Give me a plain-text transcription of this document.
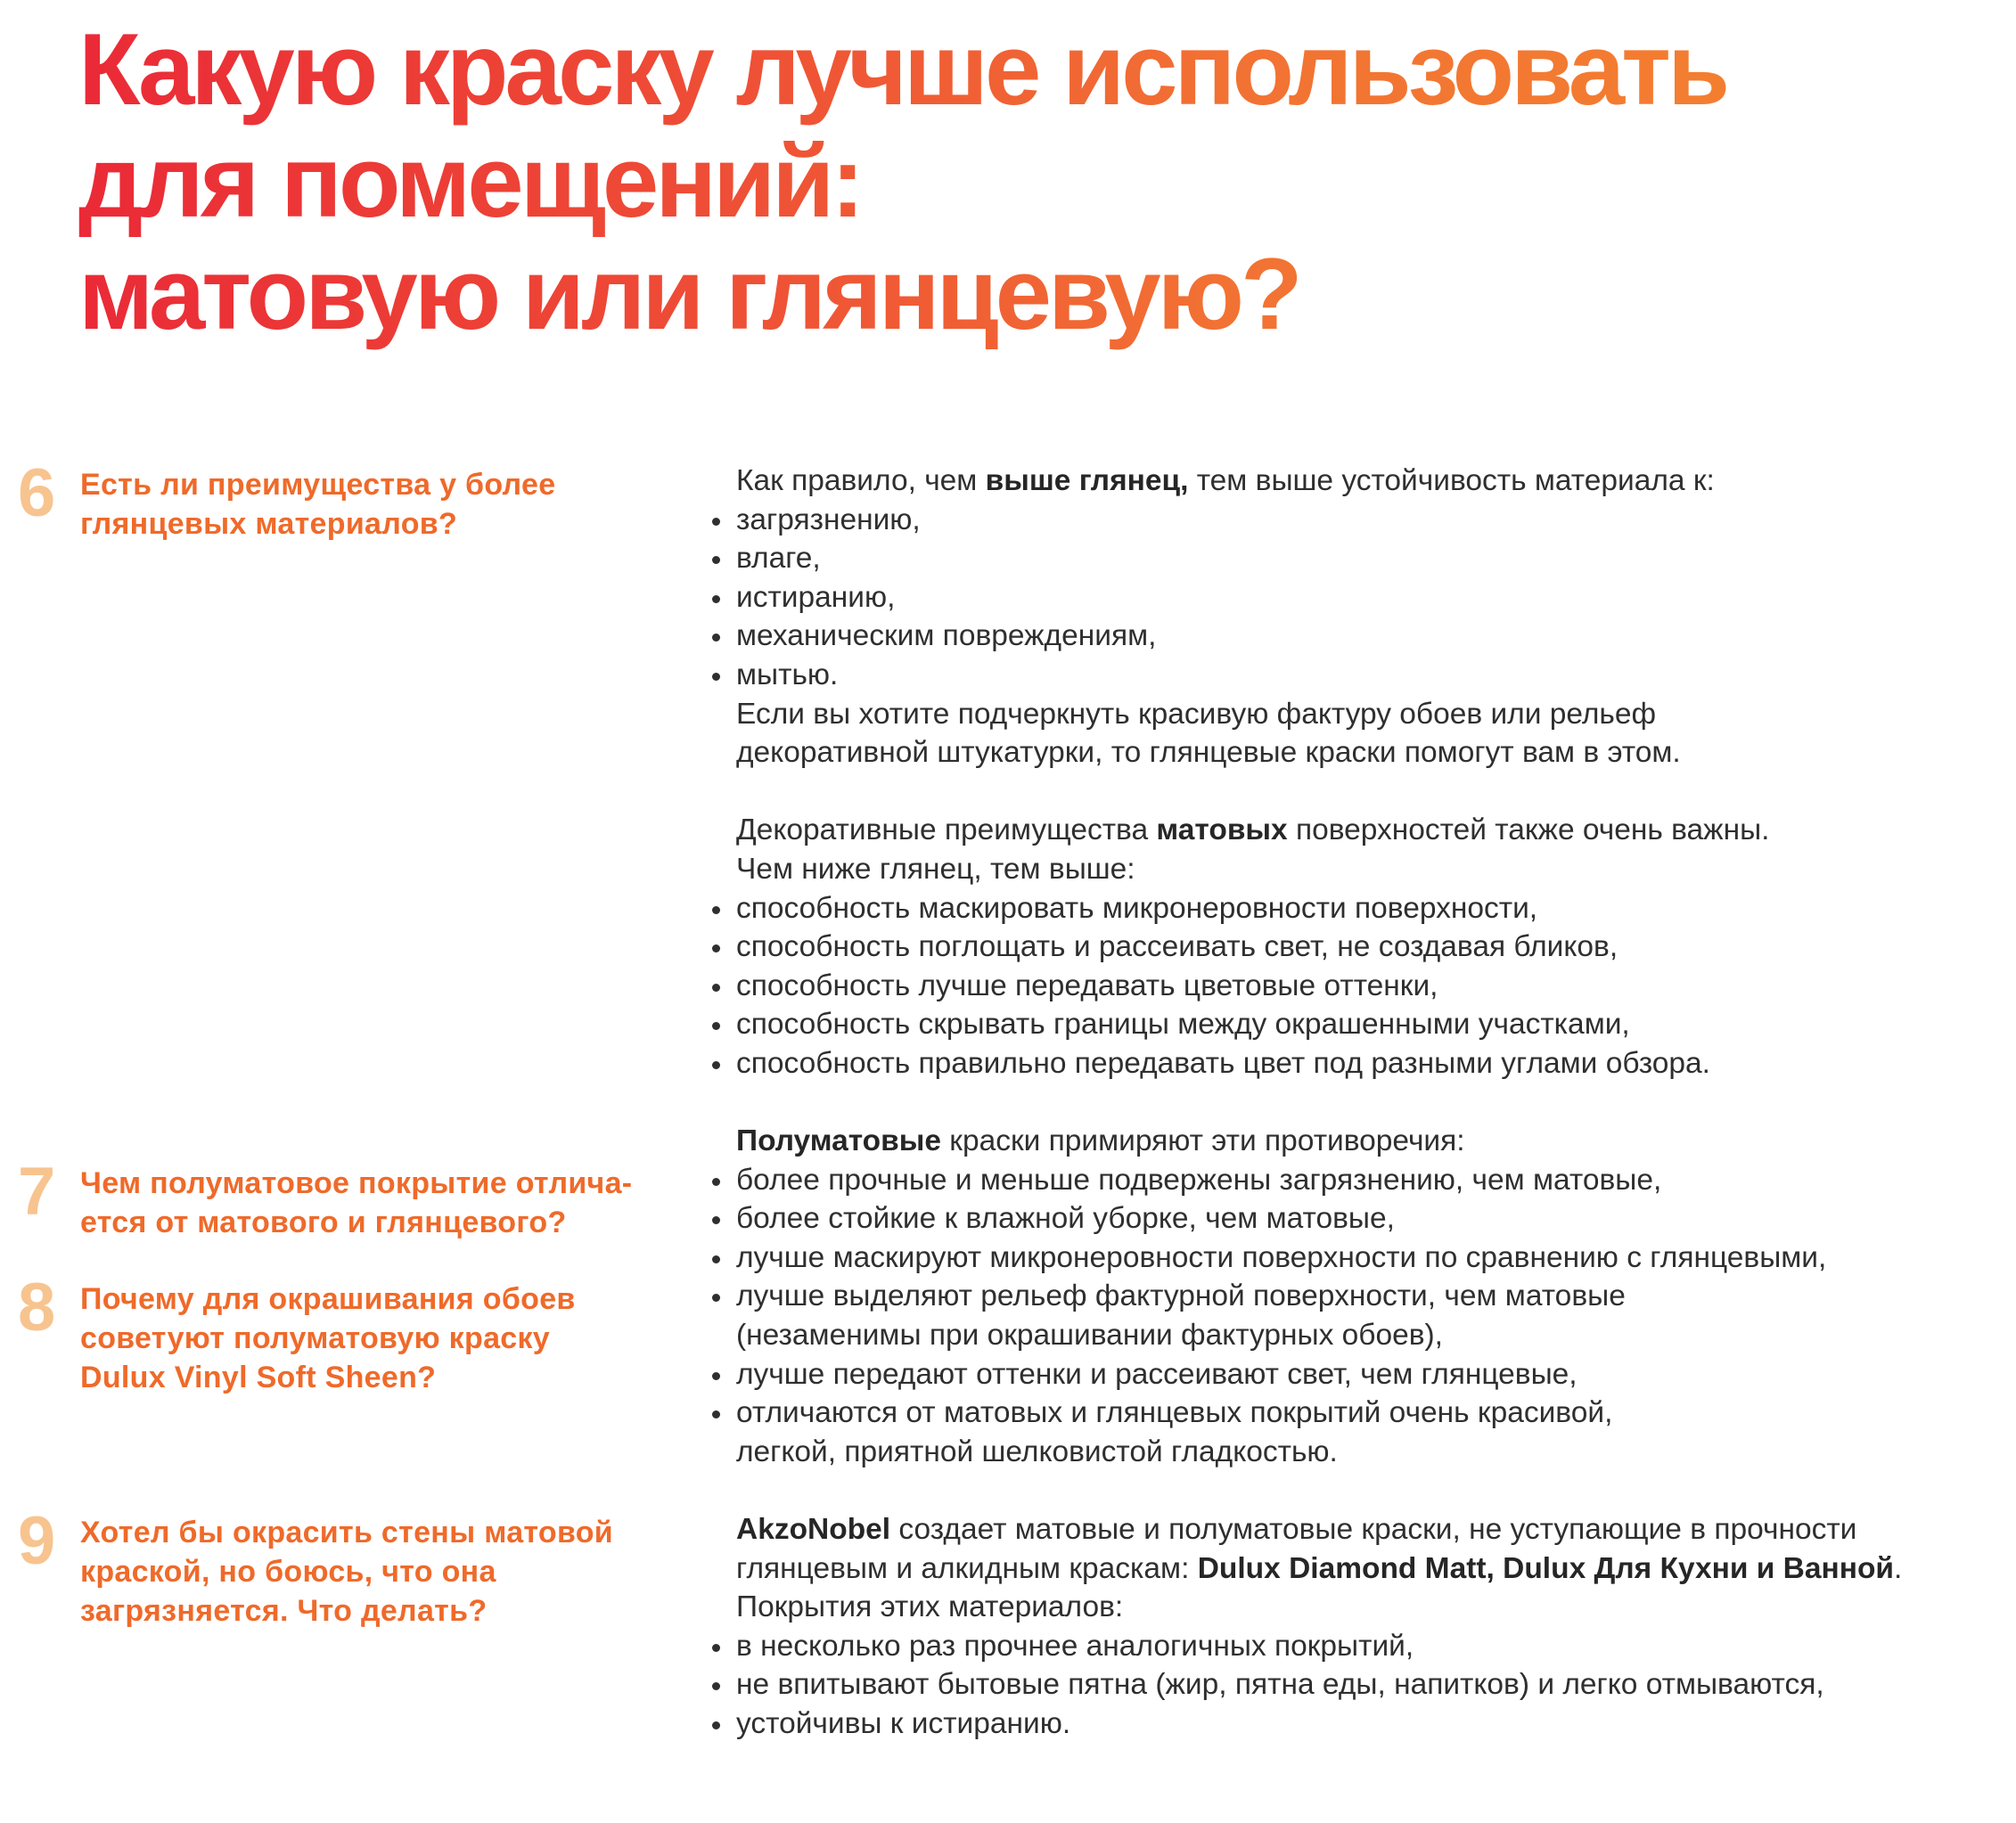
Какую краску лучше использовать
для помещений:
матовую или глянцевую?
6 Есть ли преимущества у более
глянцевых материалов?
7 Чем полуматовое покрытие отлича-
ется от матового и глянцевого?
8 Почему для окрашивания обоев
советуют полуматовую краску
Dulux Vinyl Soft Sheen?
9 Хотел бы окрасить стены матовой
краской, но боюсь, что она
загрязняется. Что делать?
Как правило, чем выше глянец, тем выше устойчивость материала к:
загрязнению,
влаге,
истиранию,
механическим повреждениям,
мытью.
Если вы хотите подчеркнуть красивую фактуру обоев или рельеф
декоративной штукатурки, то глянцевые краски помогут вам в этом.
Декоративные преимущества матовых поверхностей также очень важны.
Чем ниже глянец, тем выше:
способность маскировать микронеровности поверхности,
способность поглощать и рассеивать свет, не создавая бликов,
способность лучше передавать цветовые оттенки,
способность скрывать границы между окрашенными участками,
способность правильно передавать цвет под разными углами обзора.
Полуматовые краски примиряют эти противоречия:
более прочные и меньше подвержены загрязнению, чем матовые,
более стойкие к влажной уборке, чем матовые,
лучше маскируют микронеровности поверхности по сравнению с глянцевыми,
лучше выделяют рельеф фактурной поверхности, чем матовые
(незаменимы при окрашивании фактурных обоев),
лучше передают оттенки и рассеивают свет, чем глянцевые,
отличаются от матовых и глянцевых покрытий очень красивой,
легкой, приятной шелковистой гладкостью.
AkzoNobel создает матовые и полуматовые краски, не уступающие в прочности
глянцевым и алкидным краскам: Dulux Diamond Matt, Dulux Для Кухни и Ванной.
Покрытия этих материалов:
в несколько раз прочнее аналогичных покрытий,
не впитывают бытовые пятна (жир, пятна еды, напитков) и легко отмываются,
устойчивы к истиранию.
